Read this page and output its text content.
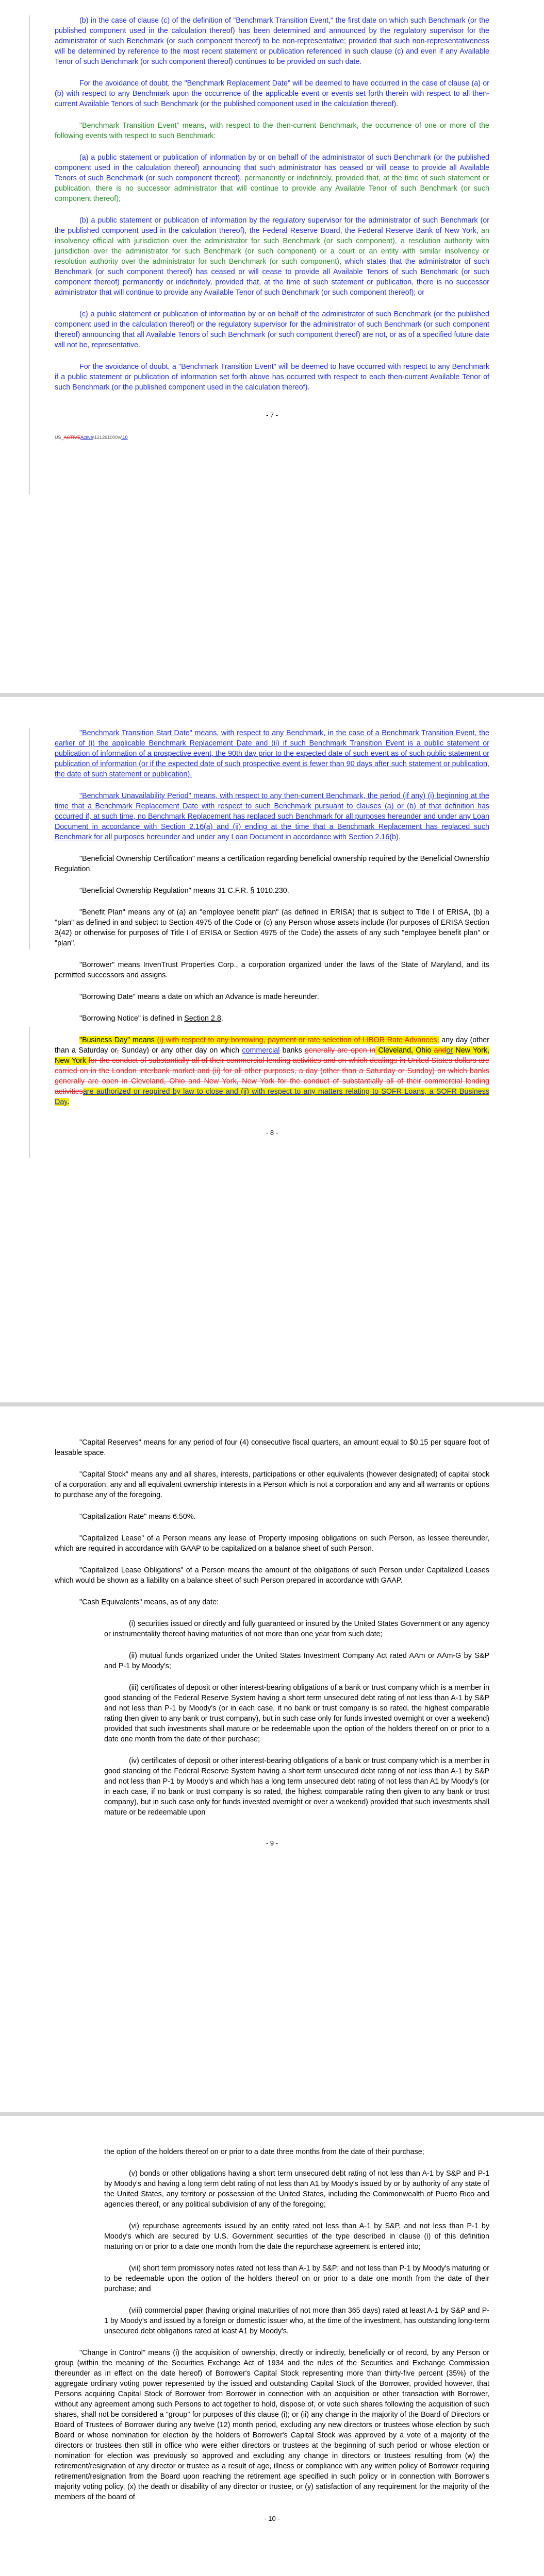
(b) in the case of clause (c) of the definition of "Benchmark Transition Event," the first date on which such Benchmark (or the published component used in the calculation thereof) has been determined and announced by the regulatory supervisor for the administrator of such Benchmark (or such component thereof) to be non-representative; provided that such non-representativeness will be determined by reference to the most recent statement or publication referenced in such clause (c) and even if any Available Tenor of such Benchmark (or such component thereof) continues to be provided on such date.

For the avoidance of doubt, the "Benchmark Replacement Date" will be deemed to have occurred in the case of clause (a) or (b) with respect to any Benchmark upon the occurrence of the applicable event or events set forth therein with respect to all then-current Available Tenors of such Benchmark (or the published component used in the calculation thereof).

"Benchmark Transition Event" means, with respect to the then-current Benchmark, the occurrence of one or more of the following events with respect to such Benchmark:

(a) a public statement or publication of information by or on behalf of the administrator of such Benchmark (or the published component used in the calculation thereof) announcing that such administrator has ceased or will cease to provide all Available Tenors of such Benchmark (or such component thereof), permanently or indefinitely, provided that, at the time of such statement or publication, there is no successor administrator that will continue to provide any Available Tenor of such Benchmark (or such component thereof);

(b) a public statement or publication of information by the regulatory supervisor for the administrator of such Benchmark (or the published component used in the calculation thereof), the Federal Reserve Board, the Federal Reserve Bank of New York, an insolvency official with jurisdiction over the administrator for such Benchmark (or such component), a resolution authority with jurisdiction over the administrator for such Benchmark (or such component) or a court or an entity with similar insolvency or resolution authority over the administrator for such Benchmark (or such component), which states that the administrator of such Benchmark (or such component thereof) has ceased or will cease to provide all Available Tenors of such Benchmark (or such component thereof) permanently or indefinitely, provided that, at the time of such statement or publication, there is no successor administrator that will continue to provide any Available Tenor of such Benchmark (or such component thereof); or

(c) a public statement or publication of information by or on behalf of the administrator of such Benchmark (or the published component used in the calculation thereof) or the regulatory supervisor for the administrator of such Benchmark (or such component thereof) announcing that all Available Tenors of such Benchmark (or such component thereof) are not, or as of a specified future date will not be, representative.

For the avoidance of doubt, a "Benchmark Transition Event" will be deemed to have occurred with respect to any Benchmark if a public statement or publication of information set forth above has occurred with respect to each then-current Available Tenor of such Benchmark (or the published component used in the calculation thereof).

- 7 -

US_ACTIVEActive\121261000\v\10

"Benchmark Transition Start Date" means, with respect to any Benchmark, in the case of a Benchmark Transition Event, the earlier of (i) the applicable Benchmark Replacement Date and (ii) if such Benchmark Transition Event is a public statement or publication of information of a prospective event, the 90th day prior to the expected date of such event as of such public statement or publication of information (or if the expected date of such prospective event is fewer than 90 days after such statement or publication, the date of such statement or publication).

"Benchmark Unavailability Period" means, with respect to any then-current Benchmark, the period (if any) (i) beginning at the time that a Benchmark Replacement Date with respect to such Benchmark pursuant to clauses (a) or (b) of that definition has occurred if, at such time, no Benchmark Replacement has replaced such Benchmark for all purposes hereunder and under any Loan Document in accordance with Section 2.16(a) and (ii) ending at the time that a Benchmark Replacement has replaced such Benchmark for all purposes hereunder and under any Loan Document in accordance with Section 2.16(b).

"Beneficial Ownership Certification" means a certification regarding beneficial ownership required by the Beneficial Ownership Regulation.

"Beneficial Ownership Regulation" means 31 C.F.R. § 1010.230.

"Benefit Plan" means any of (a) an "employee benefit plan" (as defined in ERISA) that is subject to Title I of ERISA, (b) a "plan" as defined in and subject to Section 4975 of the Code or (c) any Person whose assets include (for purposes of ERISA Section 3(42) or otherwise for purposes of Title I of ERISA or Section 4975 of the Code) the assets of any such "employee benefit plan" or "plan".

"Borrower" means InvenTrust Properties Corp., a corporation organized under the laws of the State of Maryland, and its permitted successors and assigns.

"Borrowing Date" means a date on which an Advance is made hereunder.

"Borrowing Notice" is defined in Section 2.8.

"Business Day" means (i) with respect to any borrowing, payment or rate selection of LIBOR Rate Advances, any day (other than a Saturday or, Sunday) or any other day on which commercial banks generally are open in Cleveland, Ohio andor New York, New York for the conduct of substantially all of their commercial lending activities and on which dealings in United States dollars are carried on in the London interbank market and (ii) for all other purposes, a day (other than a Saturday or Sunday) on which banks generally are open in Cleveland, Ohio and New York, New York for the conduct of substantially all of their commercial lending activitiesare authorized or required by law to close and (ii) with respect to any matters relating to SOFR Loans, a SOFR Business Day.

- 8 -

"Capital Reserves" means for any period of four (4) consecutive fiscal quarters, an amount equal to $0.15 per square foot of leasable space.

"Capital Stock" means any and all shares, interests, participations or other equivalents (however designated) of capital stock of a corporation, any and all equivalent ownership interests in a Person which is not a corporation and any and all warrants or options to purchase any of the foregoing.

"Capitalization Rate" means 6.50%.

"Capitalized Lease" of a Person means any lease of Property imposing obligations on such Person, as lessee thereunder, which are required in accordance with GAAP to be capitalized on a balance sheet of such Person.

"Capitalized Lease Obligations" of a Person means the amount of the obligations of such Person under Capitalized Leases which would be shown as a liability on a balance sheet of such Person prepared in accordance with GAAP.

"Cash Equivalents" means, as of any date:

(i) securities issued or directly and fully guaranteed or insured by the United States Government or any agency or instrumentality thereof having maturities of not more than one year from such date;

(ii) mutual funds organized under the United States Investment Company Act rated AAm or AAm-G by S&P and P-1 by Moody's;

(iii) certificates of deposit or other interest-bearing obligations of a bank or trust company which is a member in good standing of the Federal Reserve System having a short term unsecured debt rating of not less than A-1 by S&P and not less than P-1 by Moody's (or in each case, if no bank or trust company is so rated, the highest comparable rating then given to any bank or trust company), but in such case only for funds invested overnight or over a weekend) provided that such investments shall mature or be redeemable upon the option of the holders thereof on or prior to a date one month from the date of their purchase;

(iv) certificates of deposit or other interest-bearing obligations of a bank or trust company which is a member in good standing of the Federal Reserve System having a short term unsecured debt rating of not less than A-1 by S&P and not less than P-1 by Moody's and which has a long term unsecured debt rating of not less than A1 by Moody's (or in each case, if no bank or trust company is so rated, the highest comparable rating then given to any bank or trust company), but in such case only for funds invested overnight or over a weekend) provided that such investments shall mature or be redeemable upon

- 9 -

the option of the holders thereof on or prior to a date three months from the date of their purchase;

(v) bonds or other obligations having a short term unsecured debt rating of not less than A-1 by S&P and P-1 by Moody's and having a long term debt rating of not less than A1 by Moody's issued by or by authority of any state of the United States, any territory or possession of the United States, including the Commonwealth of Puerto Rico and agencies thereof, or any political subdivision of any of the foregoing;

(vi) repurchase agreements issued by an entity rated not less than A-1 by S&P, and not less than P-1 by Moody's which are secured by U.S. Government securities of the type described in clause (i) of this definition maturing on or prior to a date one month from the date the repurchase agreement is entered into;

(vii) short term promissory notes rated not less than A-1 by S&P; and not less than P-1 by Moody's maturing or to be redeemable upon the option of the holders thereof on or prior to a date one month from the date of their purchase; and

(viii) commercial paper (having original maturities of not more than 365 days) rated at least A-1 by S&P and P-1 by Moody's and issued by a foreign or domestic issuer who, at the time of the investment, has outstanding long-term unsecured debt obligations rated at least A1 by Moody's.

"Change in Control" means (i) the acquisition of ownership, directly or indirectly, beneficially or of record, by any Person or group (within the meaning of the Securities Exchange Act of 1934 and the rules of the Securities and Exchange Commission thereunder as in effect on the date hereof) of Borrower's Capital Stock representing more than thirty-five percent (35%) of the aggregate ordinary voting power represented by the issued and outstanding Capital Stock of the Borrower, provided however, that Persons acquiring Capital Stock of Borrower from Borrower in connection with an acquisition or other transaction with Borrower, without any agreement among such Persons to act together to hold, dispose of, or vote such shares following the acquisition of such shares, shall not be considered a "group" for purposes of this clause (i); or (ii) any change in the majority of the Board of Directors or Board of Trustees of Borrower during any twelve (12) month period, excluding any new directors or trustees whose election by such Board or whose nomination for election by the holders of Borrower's Capital Stock was approved by a vote of a majority of the directors or trustees then still in office who were either directors or trustees at the beginning of such period or whose election or nomination for election was previously so approved and excluding any change in directors or trustees resulting from (w) the retirement/resignation of any director or trustee as a result of age, illness or compliance with any written policy of Borrower requiring retirement/resignation from the Board upon reaching the retirement age specified in such policy or in connection with Borrower's majority voting policy, (x) the death or disability of any director or trustee, or (y) satisfaction of any requirement for the majority of the members of the board of

- 10 -
